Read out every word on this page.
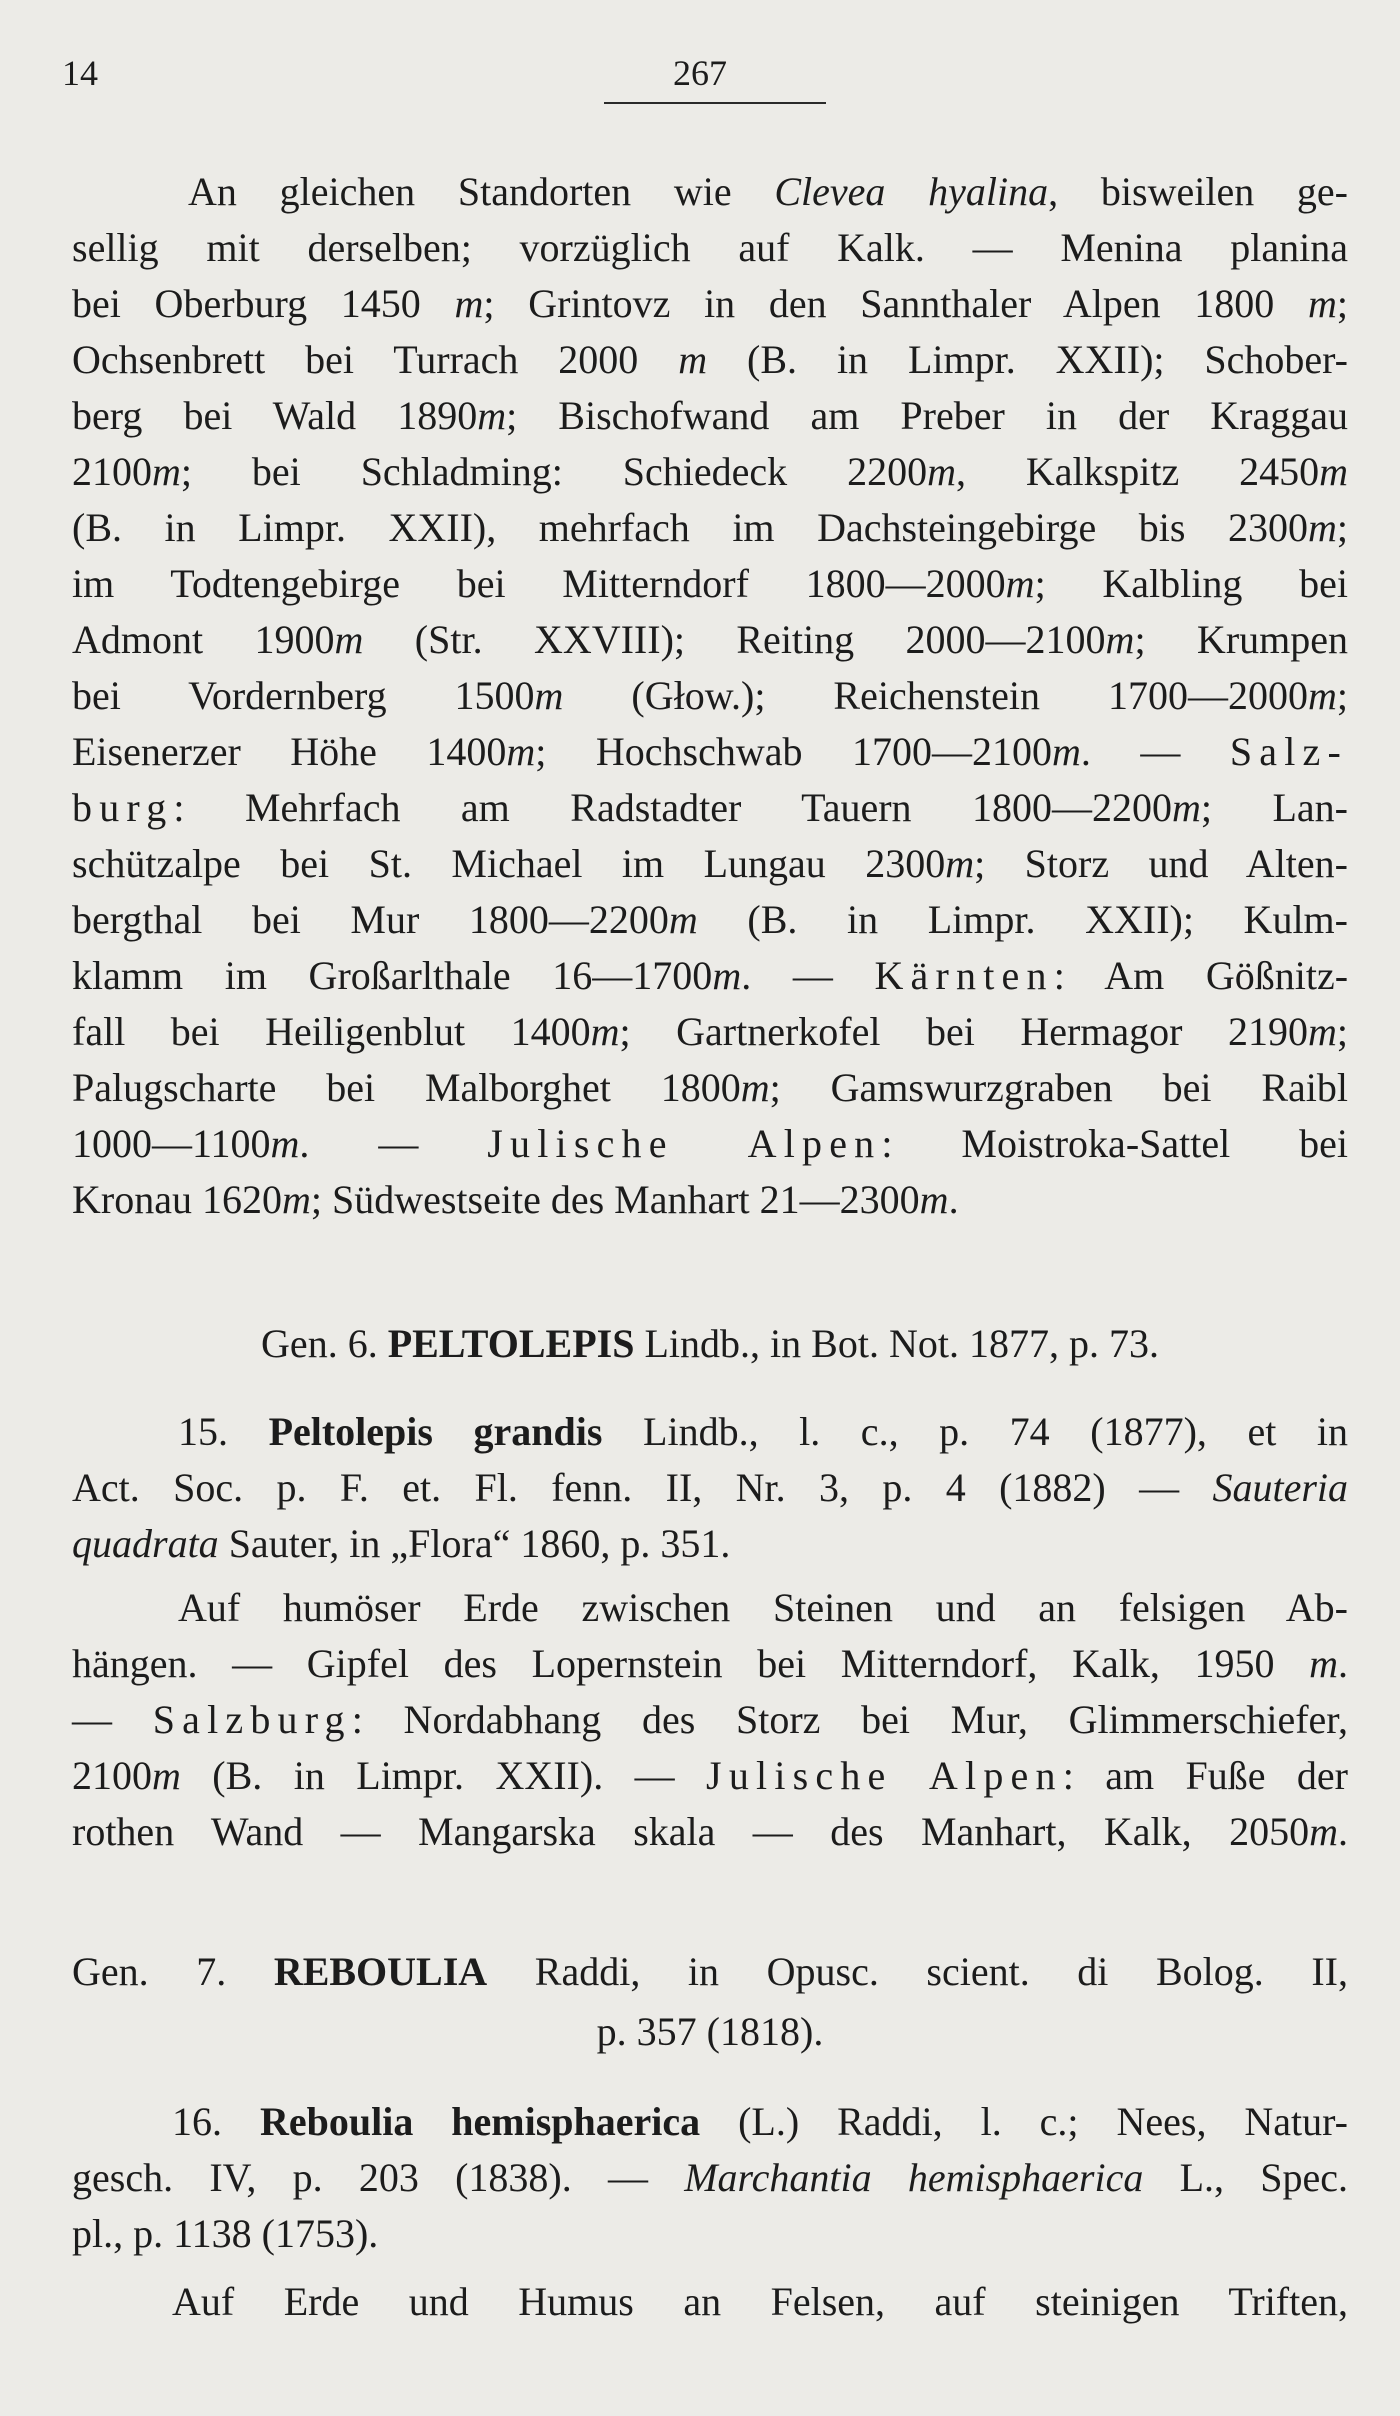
14	267
An gleichen Standorten wie Clevea hyalina, bisweilen ge-
sellig mit derselben; vorzüglich auf Kalk. — Menina planina
bei Oberburg 1450 m; Grintovz in den Sannthaler Alpen 1800 m;
Ochsenbrett bei Turrach 2000 m (B. in Limpr. XXII); Schober-
berg bei Wald 1890m; Bischofwand am Preber in der Kraggau
2100m; bei Schladming: Schiedeck 2200m, Kalkspitz 2450m
(B. in Limpr. XXII), mehrfach im Dachsteingebirge bis 2300m;
im Todtengebirge bei Mitterndorf 1800—2000m; Kalbling bei
Admont 1900m (Str. XXVIII); Reiting 2000—2100m; Krumpen
bei Vordernberg 1500m (Głow.); Reichenstein 1700—2000m;
Eisenerzer Höhe 1400m; Hochschwab 1700—2100m. — Salz-
burg: Mehrfach am Radstadter Tauern 1800—2200m; Lan-
schützalpe bei St. Michael im Lungau 2300m; Storz und Alten-
bergthal bei Mur 1800—2200m (B. in Limpr. XXII); Kulm-
klamm im Großarlthale 16—1700m. — Kärnten: Am Gößnitz-
fall bei Heiligenblut 1400m; Gartnerkofel bei Hermagor 2190m;
Palugscharte bei Malborghet 1800m; Gamswurzgraben bei Raibl
1000—1100m. — Julische Alpen: Moistroka-Sattel bei
Kronau 1620m; Südwestseite des Manhart 21—2300m.
Gen. 6. PELTOLEPIS Lindb., in Bot. Not. 1877, p. 73.
15. Peltolepis grandis Lindb., l. c., p. 74 (1877), et in
Act. Soc. p. F. et. Fl. fenn. II, Nr. 3, p. 4 (1882) — Sauteria
quadrata Sauter, in „Flora“ 1860, p. 351.
Auf humöser Erde zwischen Steinen und an felsigen Ab-
hängen. — Gipfel des Lopernstein bei Mitterndorf, Kalk, 1950 m.
— Salzburg: Nordabhang des Storz bei Mur, Glimmerschiefer,
2100m (B. in Limpr. XXII). — Julische Alpen: am Fuße der
rothen Wand — Mangarska skala — des Manhart, Kalk, 2050m.
Gen. 7. REBOULIA Raddi, in Opusc. scient. di Bolog. II,
p. 357 (1818).
16. Reboulia hemisphaerica (L.) Raddi, l. c.; Nees, Natur-
gesch. IV, p. 203 (1838). — Marchantia hemisphaerica L., Spec.
pl., p. 1138 (1753).
Auf Erde und Humus an Felsen, auf steinigen Triften,
